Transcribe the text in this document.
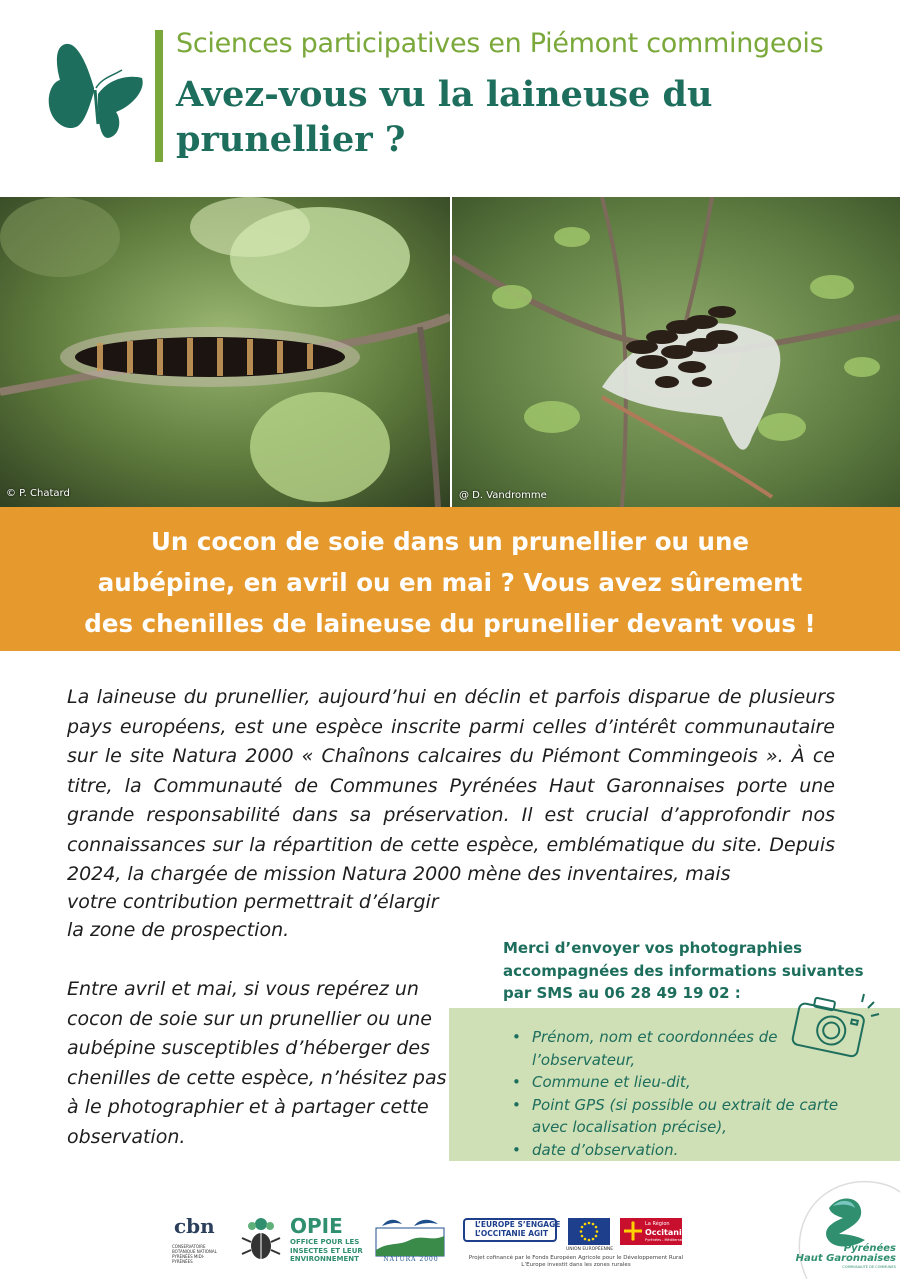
Sciences participatives en Piémont commingeois
Avez-vous vu la laineuse du prunellier ?
© P. Chatard	@ D. Vandromme
Un cocon de soie dans un prunellier ou une
aubépine, en avril ou en mai ? Vous avez sûrement
des chenilles de laineuse du prunellier devant vous !
La laineuse du prunellier, aujourd’hui en déclin et parfois disparue de plusieurs pays européens, est une espèce inscrite parmi celles d’intérêt communautaire sur le site Natura 2000 « Chaînons calcaires du Piémont Commingeois ». À ce titre, la Communauté de Communes Pyrénées Haut Garonnaises porte une grande responsabilité dans sa préservation. Il est crucial d’approfondir nos connaissances sur la répartition de cette espèce, emblématique du site. Depuis 2024, la chargée de mission Natura 2000 mène des inventaires, mais
votre contribution permettrait d’élargir
la zone de prospection.
Entre avril et mai, si vous repérez un cocon de soie sur un prunellier ou une aubépine susceptibles d’héberger des chenilles de cette espèce, n’hésitez pas à le photographier et à partager cette observation.
Merci d’envoyer vos photographies accompagnées des informations suivantes par SMS au 06 28 49 19 02 :
• Prénom, nom et coordonnées de l’observateur,
• Commune et lieu-dit,
• Point GPS (si possible ou extrait de carte avec localisation précise),
• date d’observation.
cbn
CONSERVATOIRE BOTANIQUE NATIONAL PYRÉNÉES MIDI-PYRÉNÉES
OPIE
OFFICE POUR LES INSECTES ET LEUR ENVIRONNEMENT	NATURA 2000
L’EUROPE S’ENGAGE
L’OCCITANIE AGIT
UNION EUROPÉENNE
La Région
Occitanie
Pyrénées - Méditerranée
Projet cofinancé par le Fonds Européen Agricole pour le Développement Rural L’Europe investit dans les zones rurales
Pyrénées
Haut Garonnaises
COMMUNAUTÉ DE COMMUNES
